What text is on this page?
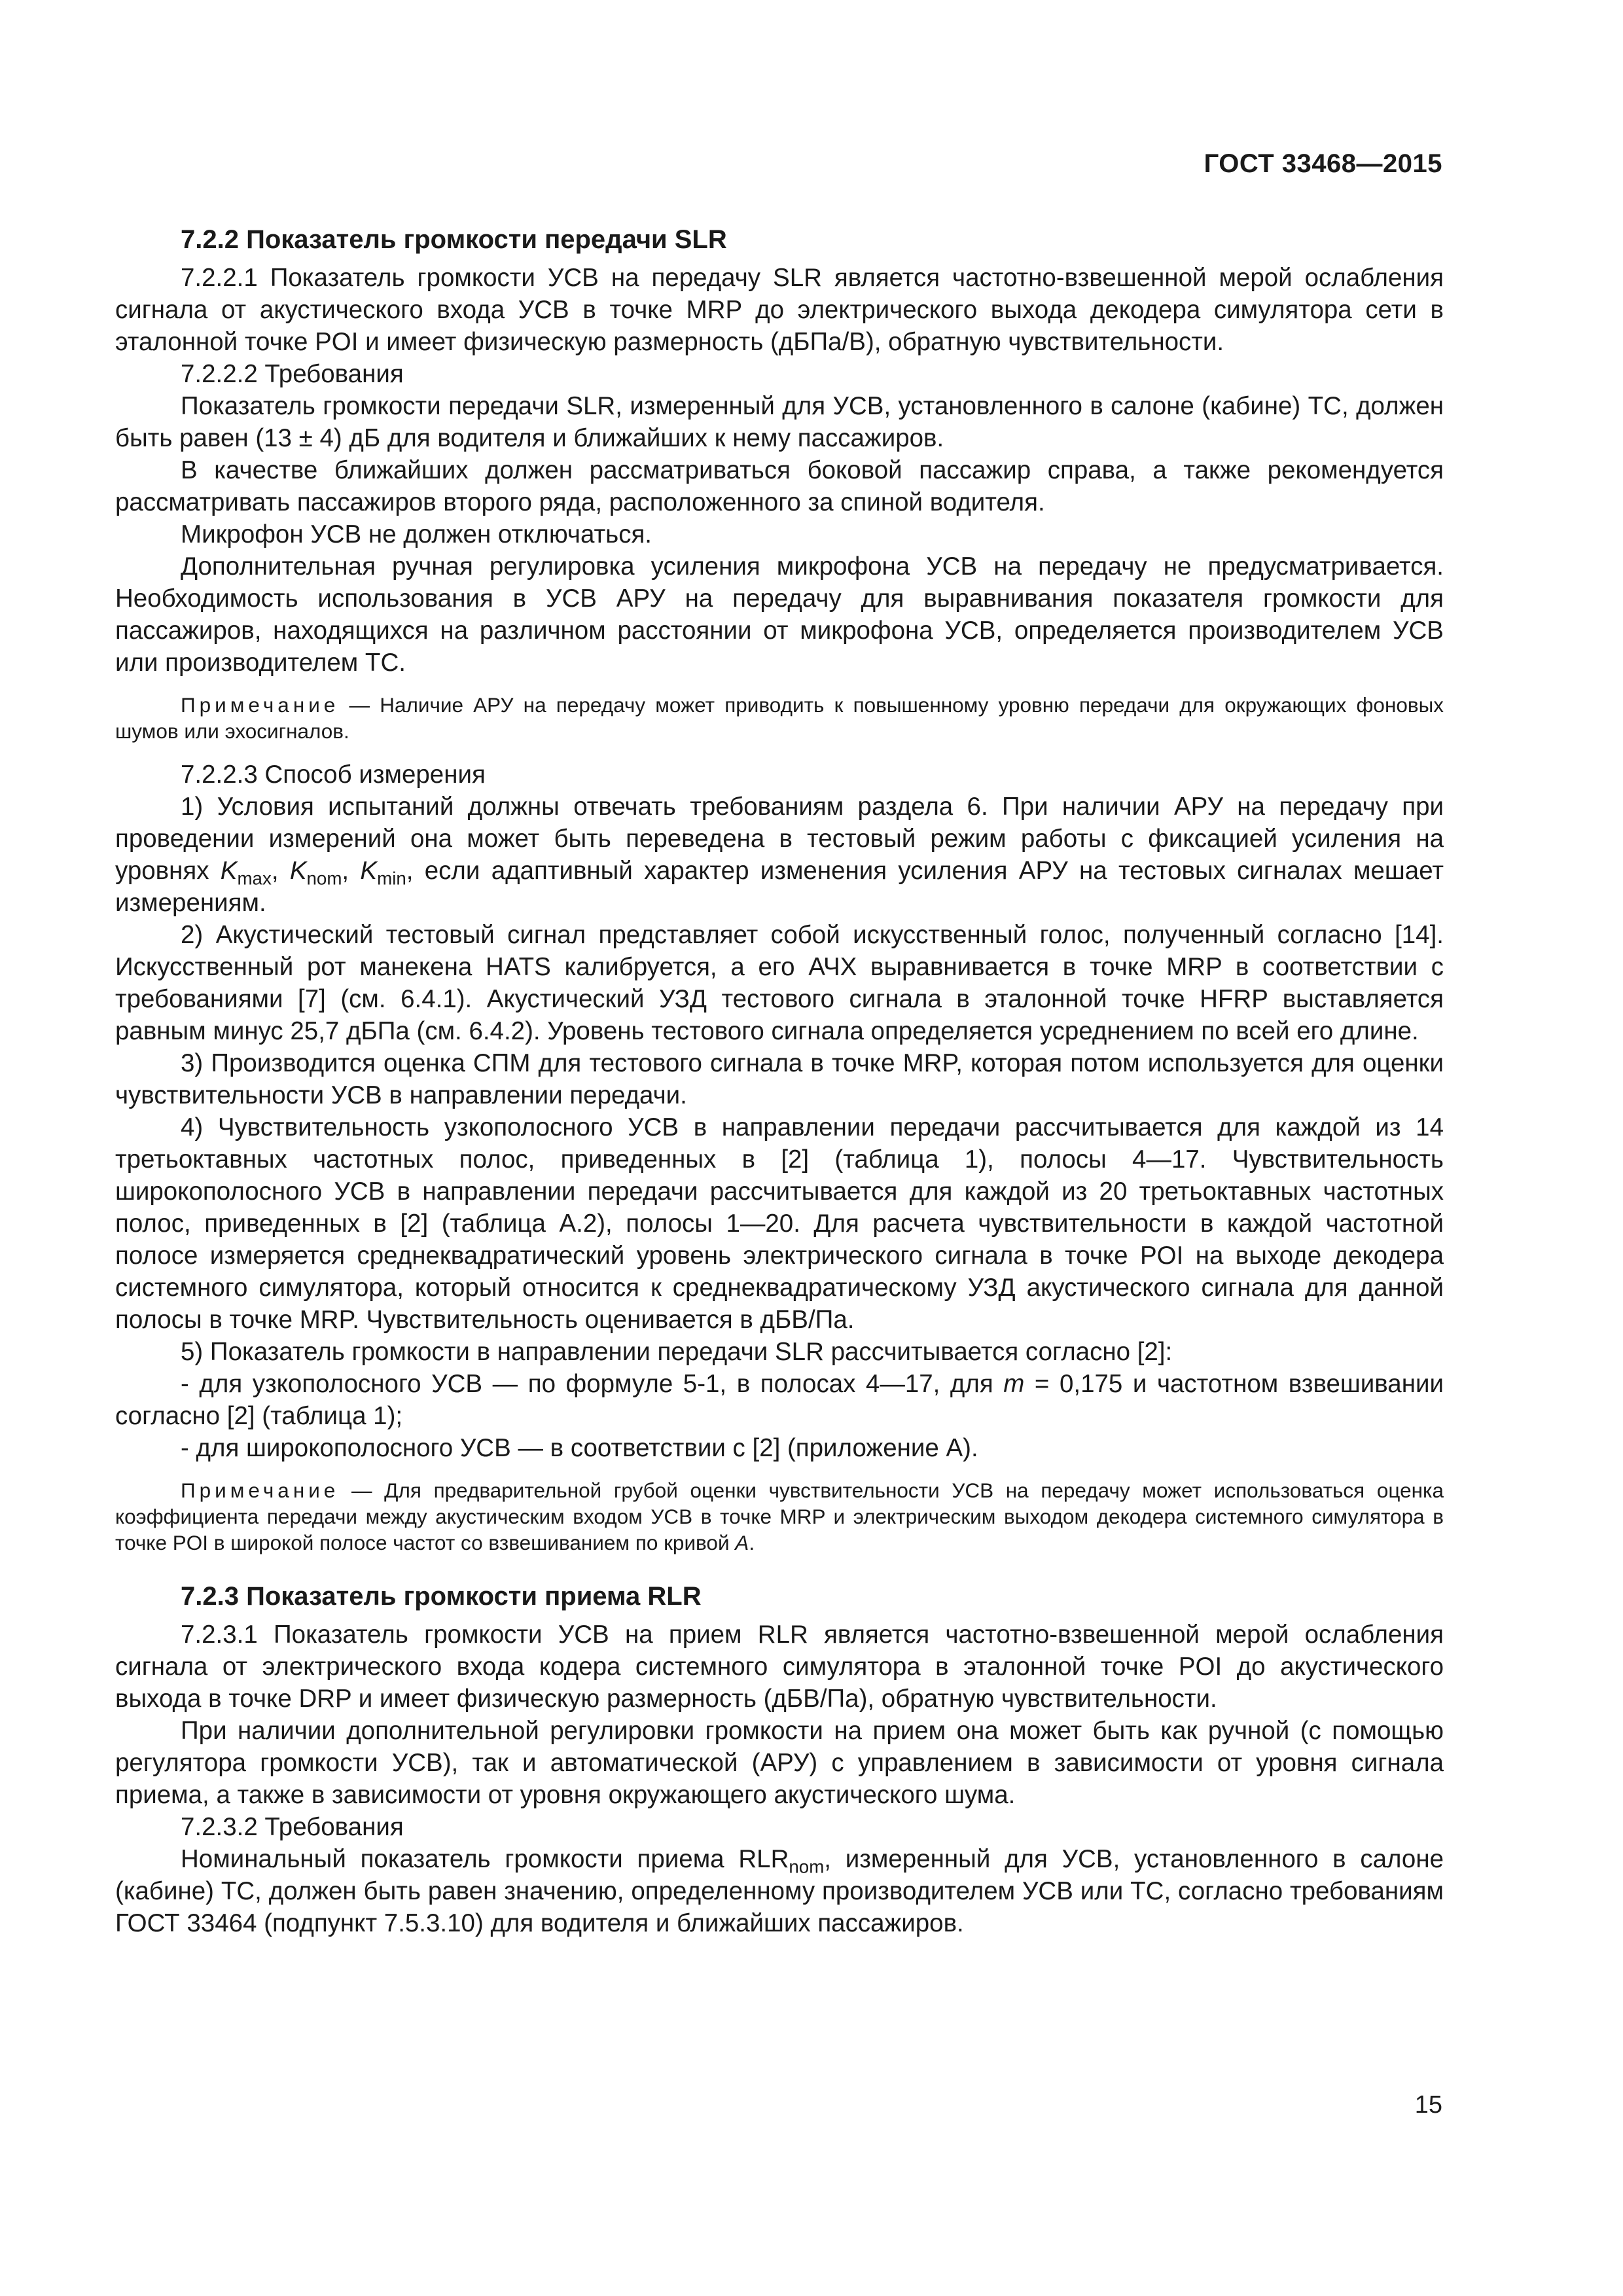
ГОСТ 33468—2015

7.2.2 Показатель громкости передачи SLR

7.2.2.1 Показатель громкости УСВ на передачу SLR является частотно-взвешенной мерой ослабления сигнала от акустического входа УСВ в точке MRP до электрического выхода декодера симулятора сети в эталонной точке POI и имеет физическую размерность (дБПа/В), обратную чувствительности.

7.2.2.2 Требования

Показатель громкости передачи SLR, измеренный для УСВ, установленного в салоне (кабине) ТС, должен быть равен (13 ± 4) дБ для водителя и ближайших к нему пассажиров.

В качестве ближайших должен рассматриваться боковой пассажир справа, а также рекомендуется рассматривать пассажиров второго ряда, расположенного за спиной водителя.

Микрофон УСВ не должен отключаться.

Дополнительная ручная регулировка усиления микрофона УСВ на передачу не предусматривается. Необходимость использования в УСВ АРУ на передачу для выравнивания показателя громкости для пассажиров, находящихся на различном расстоянии от микрофона УСВ, определяется производителем УСВ или производителем ТС.

Примечание — Наличие АРУ на передачу может приводить к повышенному уровню передачи для окружающих фоновых шумов или эхосигналов.

7.2.2.3 Способ измерения

1) Условия испытаний должны отвечать требованиям раздела 6. При наличии АРУ на передачу при проведении измерений она может быть переведена в тестовый режим работы с фиксацией усиления на уровнях $K_{max}$, $K_{nom}$, $K_{min}$, если адаптивный характер изменения усиления АРУ на тестовых сигналах мешает измерениям.

2) Акустический тестовый сигнал представляет собой искусственный голос, полученный согласно [14]. Искусственный рот манекена HATS калибруется, а его АЧХ выравнивается в точке MRP в соответствии с требованиями [7] (см. 6.4.1). Акустический УЗД тестового сигнала в эталонной точке HFRP выставляется равным минус 25,7 дБПа (см. 6.4.2). Уровень тестового сигнала определяется усреднением по всей его длине.

3) Производится оценка СПМ для тестового сигнала в точке MRP, которая потом используется для оценки чувствительности УСВ в направлении передачи.

4) Чувствительность узкополосного УСВ в направлении передачи рассчитывается для каждой из 14 третьоктавных частотных полос, приведенных в [2] (таблица 1), полосы 4—17. Чувствительность широкополосного УСВ в направлении передачи рассчитывается для каждой из 20 третьоктавных частотных полос, приведенных в [2] (таблица А.2), полосы 1—20. Для расчета чувствительности в каждой частотной полосе измеряется среднеквадратический уровень электрического сигнала в точке POI на выходе декодера системного симулятора, который относится к среднеквадратическому УЗД акустического сигнала для данной полосы в точке MRP. Чувствительность оценивается в дБВ/Па.

5) Показатель громкости в направлении передачи SLR рассчитывается согласно [2]:

- для узкополосного УСВ — по формуле 5-1, в полосах 4—17, для m = 0,175 и частотном взвешивании согласно [2] (таблица 1);

- для широкополосного УСВ — в соответствии с [2] (приложение А).

Примечание — Для предварительной грубой оценки чувствительности УСВ на передачу может использоваться оценка коэффициента передачи между акустическим входом УСВ в точке MRP и электрическим выходом декодера системного симулятора в точке POI в широкой полосе частот со взвешиванием по кривой A.

7.2.3 Показатель громкости приема RLR

7.2.3.1 Показатель громкости УСВ на прием RLR является частотно-взвешенной мерой ослабления сигнала от электрического входа кодера системного симулятора в эталонной точке POI до акустического выхода в точке DRP и имеет физическую размерность (дБВ/Па), обратную чувствительности.

При наличии дополнительной регулировки громкости на прием она может быть как ручной (с помощью регулятора громкости УСВ), так и автоматической (АРУ) с управлением в зависимости от уровня сигнала приема, а также в зависимости от уровня окружающего акустического шума.

7.2.3.2 Требования

Номинальный показатель громкости приема $RLR_{nom}$, измеренный для УСВ, установленного в салоне (кабине) ТС, должен быть равен значению, определенному производителем УСВ или ТС, согласно требованиям ГОСТ 33464 (подпункт 7.5.3.10) для водителя и ближайших пассажиров.

15
